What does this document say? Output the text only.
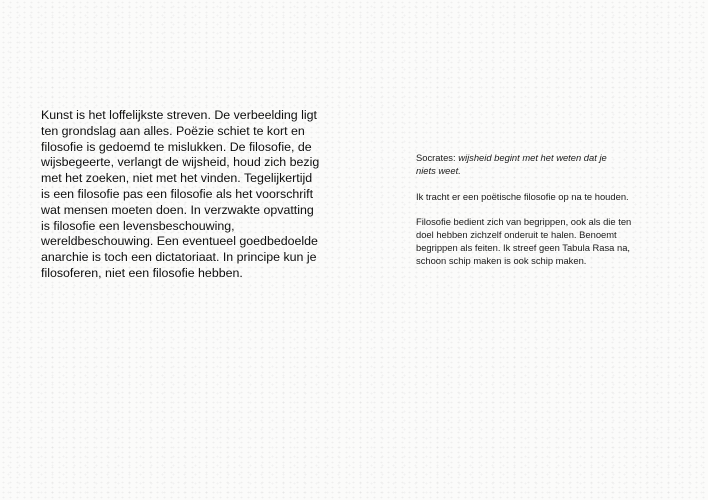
Kunst is het loffelijkste streven. De verbeelding ligt
ten grondslag aan alles. Poëzie schiet te kort en
filosofie is gedoemd te mislukken. De filosofie, de
wijsbegeerte, verlangt de wijsheid, houd zich bezig
met het zoeken, niet met het vinden. Tegelijkertijd
is een filosofie pas een filosofie als het voorschrift
wat mensen moeten doen. In verzwakte opvatting
is filosofie een levensbeschouwing,
wereldbeschouwing. Een eventueel goedbedoelde
anarchie is toch een dictatoriaat. In principe kun je
filosoferen, niet een filosofie hebben.

Socrates: wijsheid begint met het weten dat je
niets weet.

Ik tracht er een poëtische filosofie op na te houden.

Filosofie bedient zich van begrippen, ook als die ten
doel hebben zichzelf onderuit te halen. Benoemt
begrippen als feiten. Ik streef geen Tabula Rasa na,
schoon schip maken is ook schip maken.
